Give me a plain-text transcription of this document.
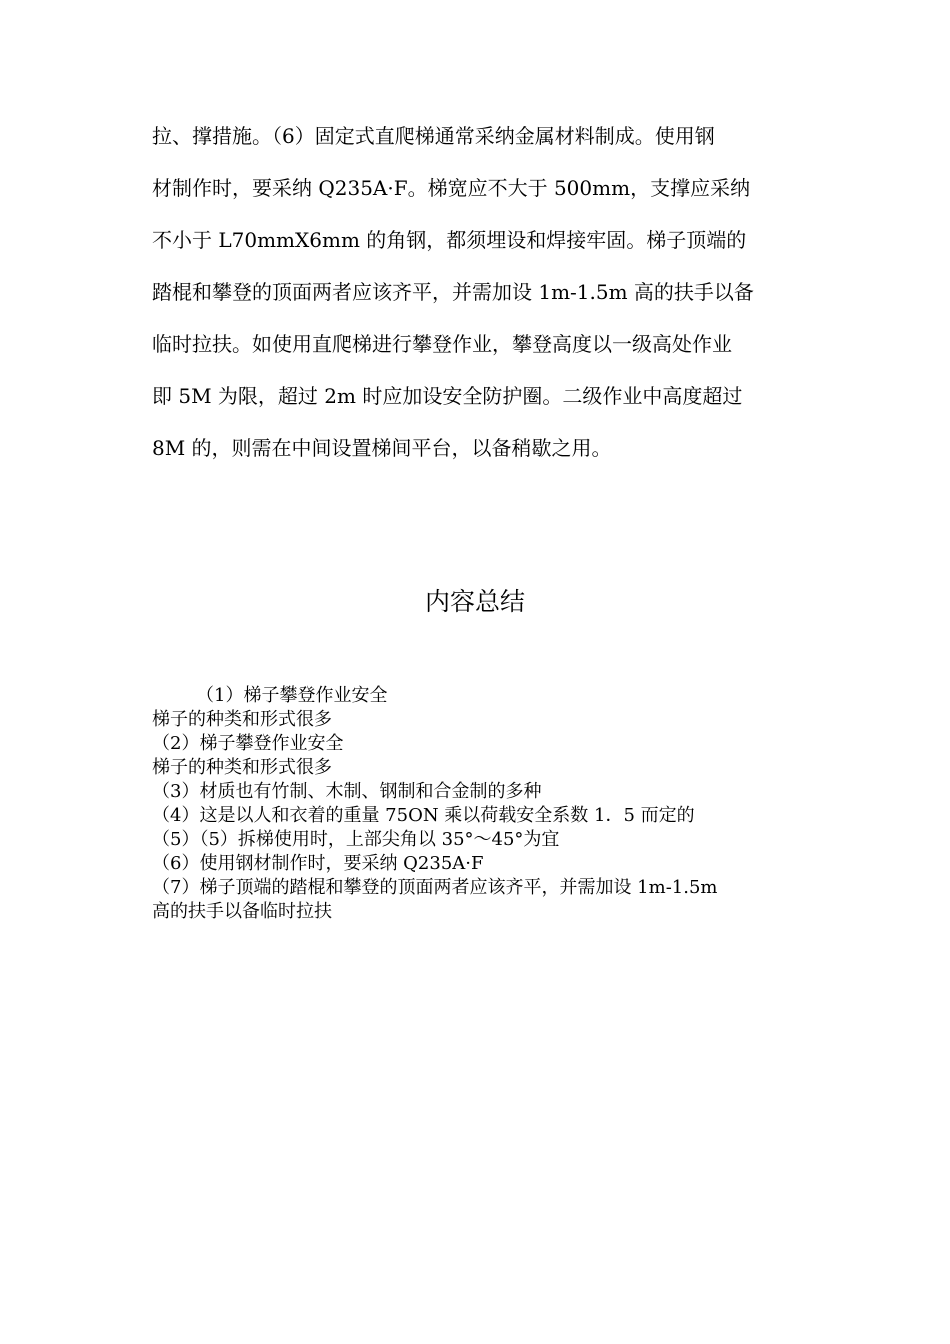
拉、撑措施。（6）固定式直爬梯通常采纳金属材料制成。使用钢
材制作时，要采纳 Q235A·F。梯宽应不大于 500mm，支撑应采纳
不小于 L70mmX6mm 的角钢，都须埋设和焊接牢固。梯子顶端的
踏棍和攀登的顶面两者应该齐平，并需加设 1m-1.5m 高的扶手以备
临时拉扶。如使用直爬梯进行攀登作业，攀登高度以一级高处作业
即 5M 为限，超过 2m 时应加设安全防护圈。二级作业中高度超过
8M 的，则需在中间设置梯间平台，以备稍歇之用。
内容总结
（1）梯子攀登作业安全
梯子的种类和形式很多
（2）梯子攀登作业安全
梯子的种类和形式很多
（3）材质也有竹制、木制、钢制和合金制的多种
（4）这是以人和衣着的重量 75ON 乘以荷载安全系数 1．5 而定的
（5）（5）拆梯使用时，上部尖角以 35°～45°为宜
（6）使用钢材制作时，要采纳 Q235A·F
（7）梯子顶端的踏棍和攀登的顶面两者应该齐平，并需加设 1m-1.5m
高的扶手以备临时拉扶
